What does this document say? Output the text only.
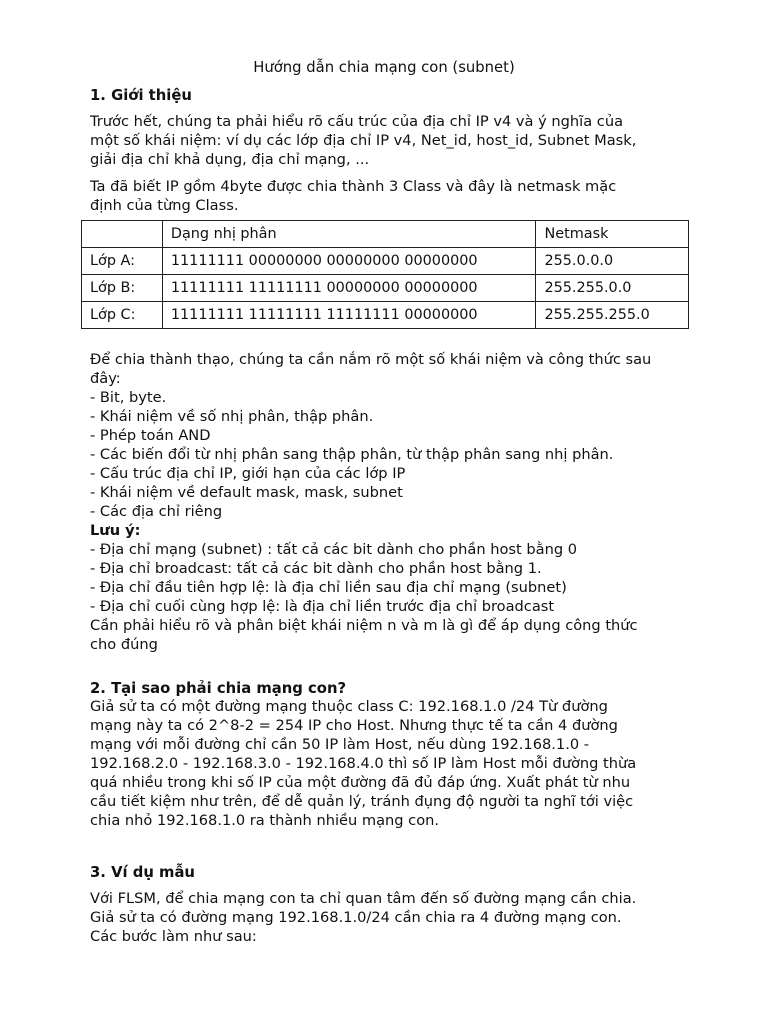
Hướng dẫn chia mạng con (subnet)
1. Giới thiệu
Trước hết, chúng ta phải hiểu rõ cấu trúc của địa chỉ IP v4 và ý nghĩa của
một số khái niệm: ví dụ các lớp địa chỉ IP v4, Net_id, host_id, Subnet Mask,
giải địa chỉ khả dụng, địa chỉ mạng, ...
Ta đã biết IP gồm 4byte được chia thành 3 Class và đây là netmask mặc
định của từng Class.
	Dạng nhị phân	Netmask
Lớp A:	11111111 00000000 00000000 00000000	255.0.0.0
Lớp B:	11111111 11111111 00000000 00000000	255.255.0.0
Lớp C:	11111111 11111111 11111111 00000000	255.255.255.0
Để chia thành thạo, chúng ta cần nắm rõ một số khái niệm và công thức sau
đây:
- Bit, byte.
- Khái niệm về số nhị phân, thập phân.
- Phép toán AND
- Các biến đổi từ nhị phân sang thập phân, từ thập phân sang nhị phân.
- Cấu trúc địa chỉ IP, giới hạn của các lớp IP
- Khái niệm về default mask, mask, subnet
- Các địa chỉ riêng
Lưu ý:
- Địa chỉ mạng (subnet) : tất cả các bit dành cho phần host bằng 0
- Địa chỉ broadcast: tất cả các bit dành cho phần host bằng 1.
- Địa chỉ đầu tiên hợp lệ: là địa chỉ liền sau địa chỉ mạng (subnet)
- Địa chỉ cuối cùng hợp lệ: là địa chỉ liền trước địa chỉ broadcast
Cần phải hiểu rõ và phân biệt khái niệm n và m là gì để áp dụng công thức
cho đúng
2. Tại sao phải chia mạng con?
Giả sử ta có một đường mạng thuộc class C: 192.168.1.0 /24 Từ đường
mạng này ta có 2^8-2 = 254 IP cho Host. Nhưng thực tế ta cần 4 đường
mạng với mỗi đường chỉ cần 50 IP làm Host, nếu dùng 192.168.1.0 -
192.168.2.0 - 192.168.3.0 - 192.168.4.0 thì số IP làm Host mỗi đường thừa
quá nhiều trong khi số IP của một đường đã đủ đáp ứng. Xuất phát từ nhu
cầu tiết kiệm như trên, để dễ quản lý, tránh đụng độ người ta nghĩ tới việc
chia nhỏ 192.168.1.0 ra thành nhiều mạng con.
3. Ví dụ mẫu
Với FLSM, để chia mạng con ta chỉ quan tâm đến số đường mạng cần chia.
Giả sử ta có đường mạng 192.168.1.0/24 cần chia ra 4 đường mạng con.
Các bước làm như sau:
